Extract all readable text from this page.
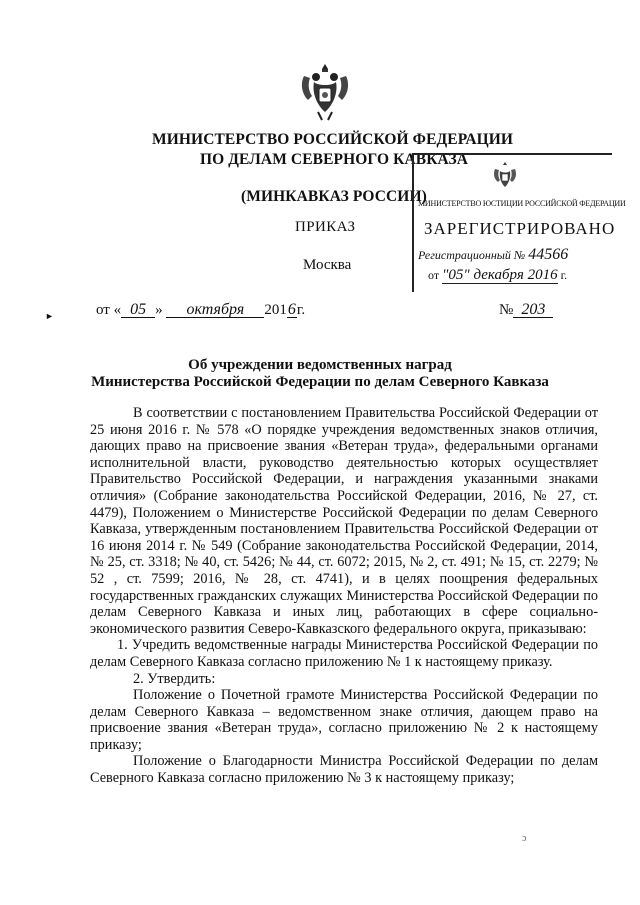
МИНИСТЕРСТВО РОССИЙСКОЙ ФЕДЕРАЦИИ
ПО ДЕЛАМ СЕВЕРНОГО КАВКАЗА
(МИНКАВКАЗ РОССИИ)
ПРИКАЗ
Москва
►	от « 05 » октября 2016г.	№ 203
МИНИСТЕРСТВО ЮСТИЦИИ РОССИЙСКОЙ ФЕДЕРАЦИИ
ЗАРЕГИСТРИРОВАНО
Регистрационный № 44566
от "05" декабря 2016 г.
Об учреждении ведомственных наград
Министерства Российской Федерации по делам Северного Кавказа

В соответствии с постановлением Правительства Российской Федерации от 25 июня 2016 г. № 578 «О порядке учреждения ведомственных знаков отличия, дающих право на присвоение звания «Ветеран труда», федеральными органами исполнительной власти, руководство деятельностью которых осуществляет Правительство Российской Федерации, и награждения указанными знаками отличия» (Собрание законодательства Российской Федерации, 2016, № 27, ст. 4479), Положением о Министерстве Российской Федерации по делам Северного Кавказа, утвержденным постановлением Правительства Российской Федерации от 16 июня 2014 г. № 549 (Собрание законодательства Российской Федерации, 2014, № 25, ст. 3318; № 40, ст. 5426; № 44, ст. 6072; 2015, № 2, ст. 491; № 15, ст. 2279; № 52 , ст. 7599; 2016, № 28, ст. 4741), и в целях поощрения федеральных государственных гражданских служащих Министерства Российской Федерации по делам Северного Кавказа и иных лиц, работающих в сфере социально-экономического развития Северо-Кавказского федерального округа, приказываю:

1. Учредить ведомственные награды Министерства Российской Федерации по делам Северного Кавказа согласно приложению № 1 к настоящему приказу.

2. Утвердить:

Положение о Почетной грамоте Министерства Российской Федерации по делам Северного Кавказа – ведомственном знаке отличия, дающем право на присвоение звания «Ветеран труда», согласно приложению № 2 к настоящему приказу;

Положение о Благодарности Министра Российской Федерации по делам Северного Кавказа согласно приложению № 3 к настоящему приказу;

ɔ
